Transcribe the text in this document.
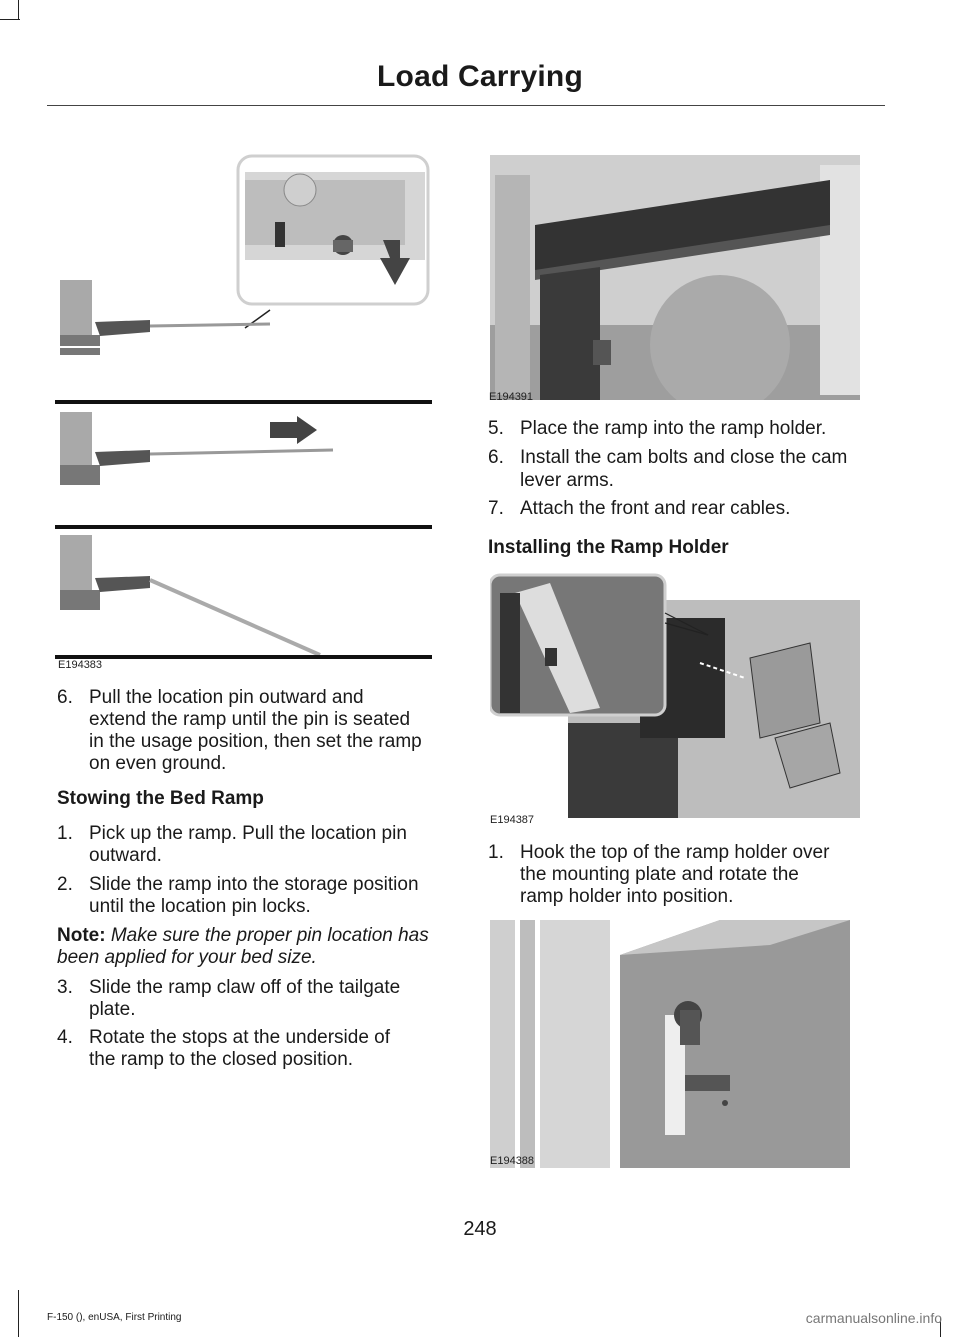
Load Carrying
E194383
E194391
5. Place the ramp into the ramp holder.
6. Install the cam bolts and close the cam
lever arms.
7. Attach the front and rear cables.
Installing the Ramp Holder
E194387
1. Hook the top of the ramp holder over
the mounting plate and rotate the
ramp holder into position.
E194388
6. Pull the location pin outward and
extend the ramp until the pin is seated
in the usage position, then set the ramp
on even ground.
Stowing the Bed Ramp
1. Pick up the ramp. Pull the location pin
outward.
2. Slide the ramp into the storage position
until the location pin locks.
Note: Make sure the proper pin location has
been applied for your bed size.
3. Slide the ramp claw off of the tailgate
plate.
4. Rotate the stops at the underside of
the ramp to the closed position.
248
F-150 (), enUSA, First Printing	carmanualsonline.info
